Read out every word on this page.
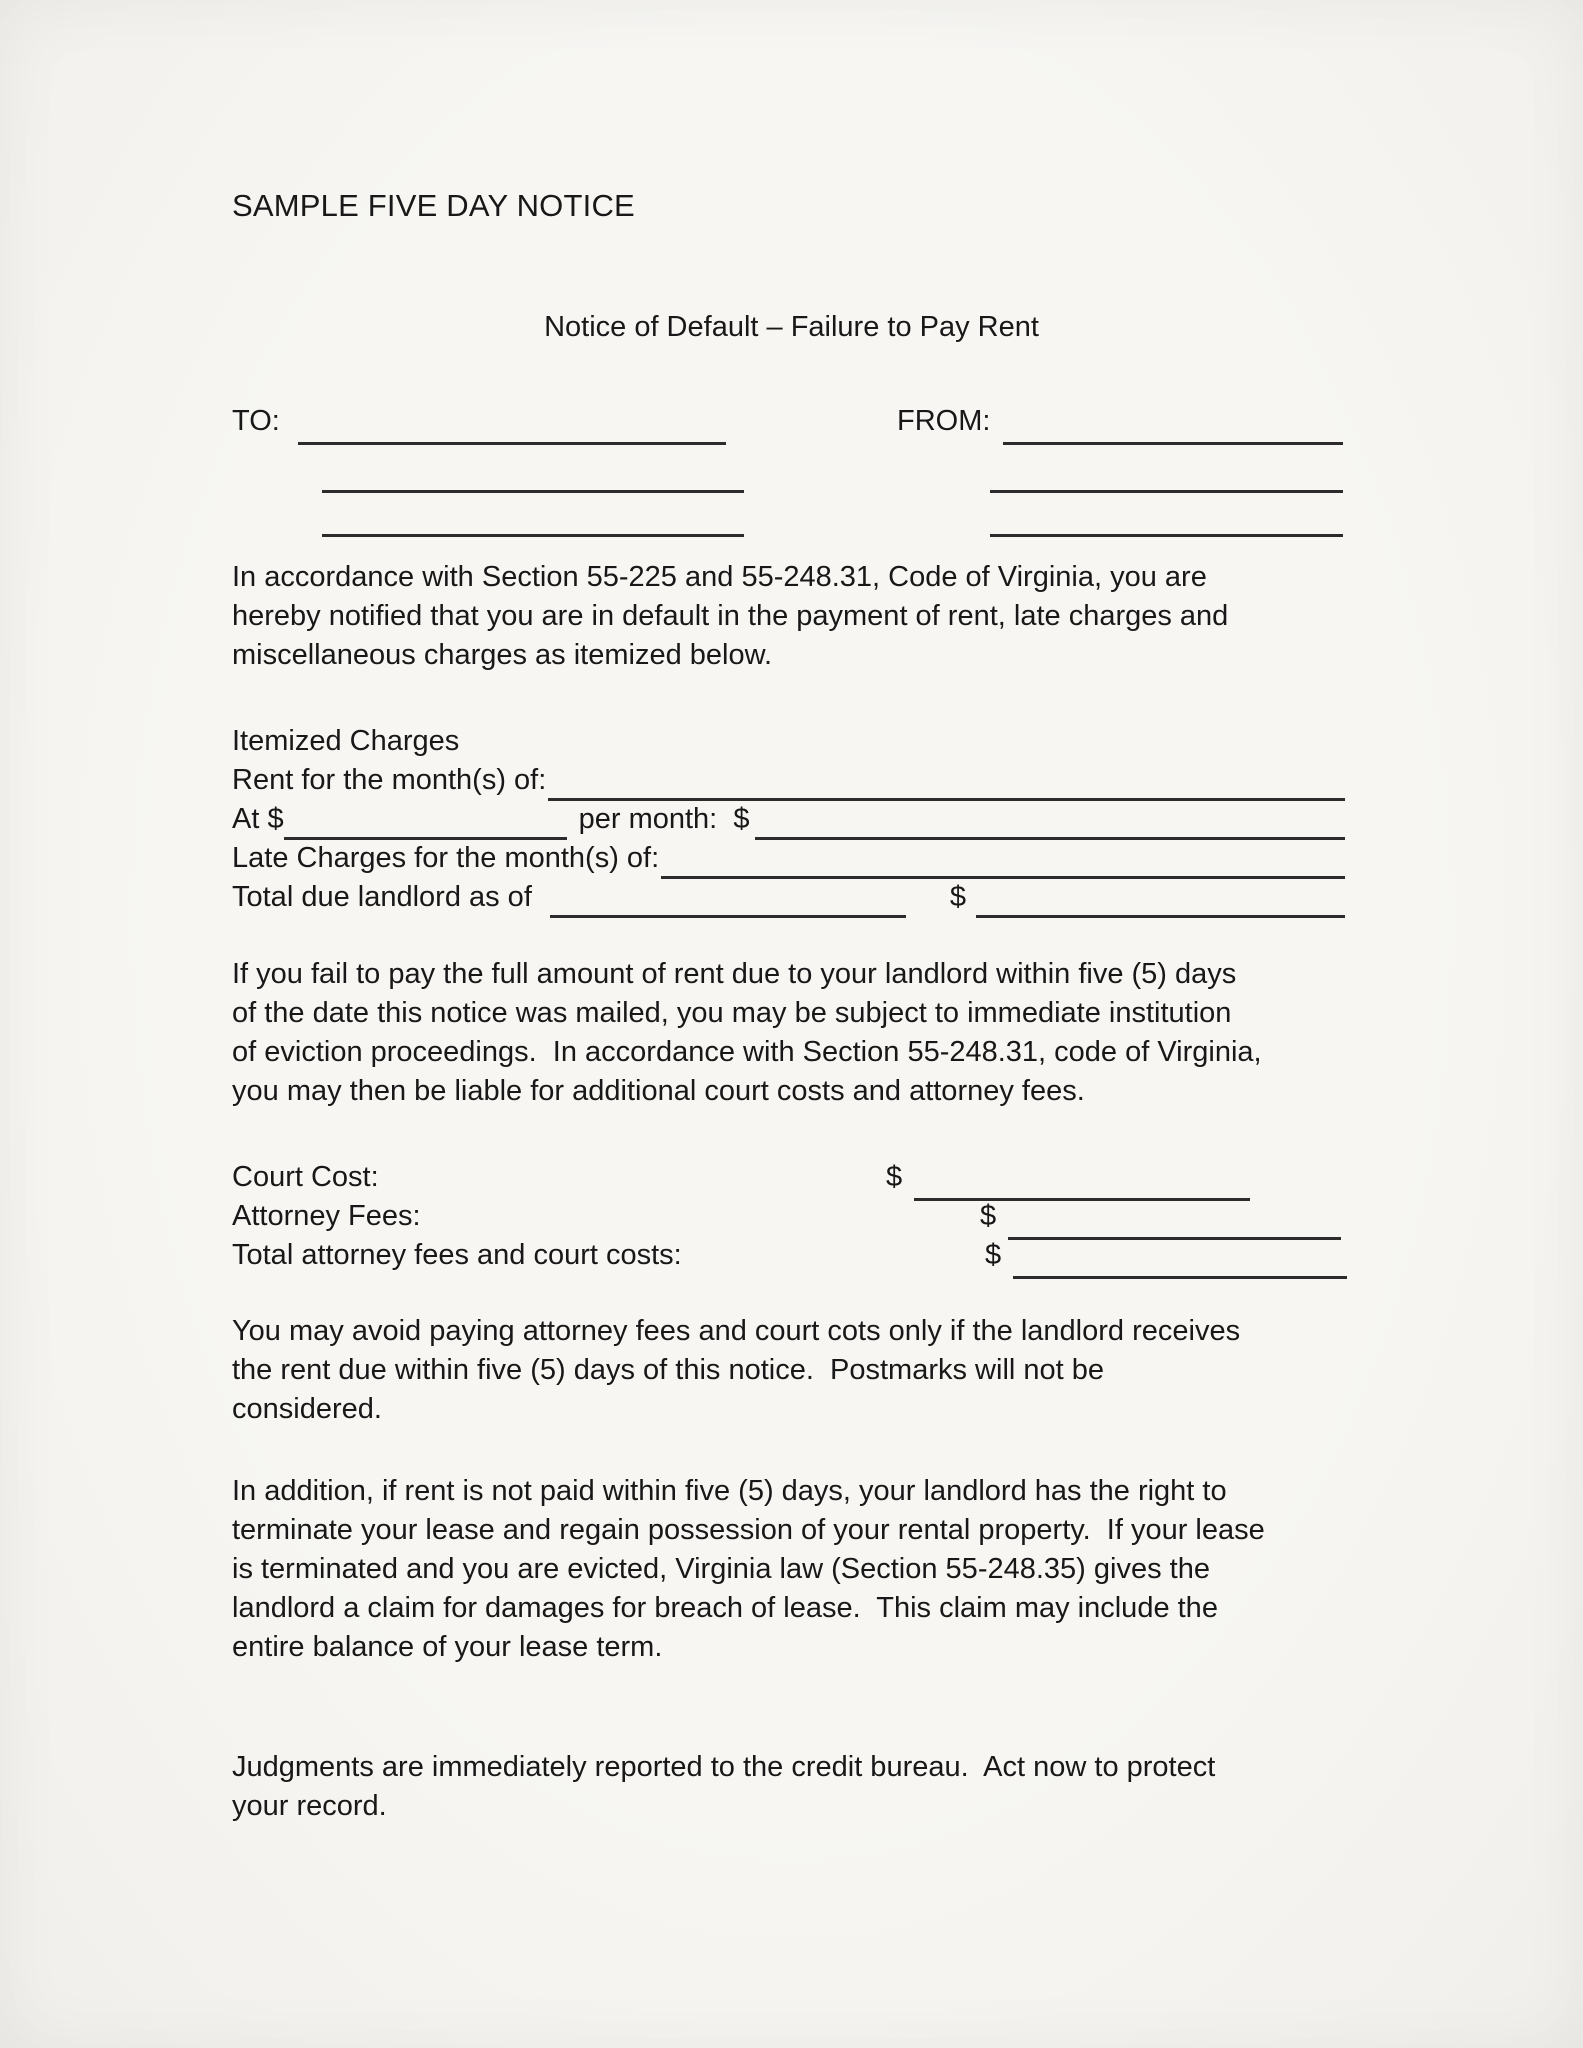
SAMPLE FIVE DAY NOTICE
Notice of Default – Failure to Pay Rent
TO:	FROM:
In accordance with Section 55-225 and 55-248.31, Code of Virginia, you are
hereby notified that you are in default in the payment of rent, late charges and
miscellaneous charges as itemized below.
Itemized Charges
Rent for the month(s) of:
At $	per month:  $
Late Charges for the month(s) of:
Total due landlord as of	$
If you fail to pay the full amount of rent due to your landlord within five (5) days
of the date this notice was mailed, you may be subject to immediate institution
of eviction proceedings.  In accordance with Section 55-248.31, code of Virginia,
you may then be liable for additional court costs and attorney fees.
Court Cost:	$
Attorney Fees:	$
Total attorney fees and court costs:	$
You may avoid paying attorney fees and court cots only if the landlord receives
the rent due within five (5) days of this notice.  Postmarks will not be
considered.
In addition, if rent is not paid within five (5) days, your landlord has the right to
terminate your lease and regain possession of your rental property.  If your lease
is terminated and you are evicted, Virginia law (Section 55-248.35) gives the
landlord a claim for damages for breach of lease.  This claim may include the
entire balance of your lease term.
Judgments are immediately reported to the credit bureau.  Act now to protect
your record.
